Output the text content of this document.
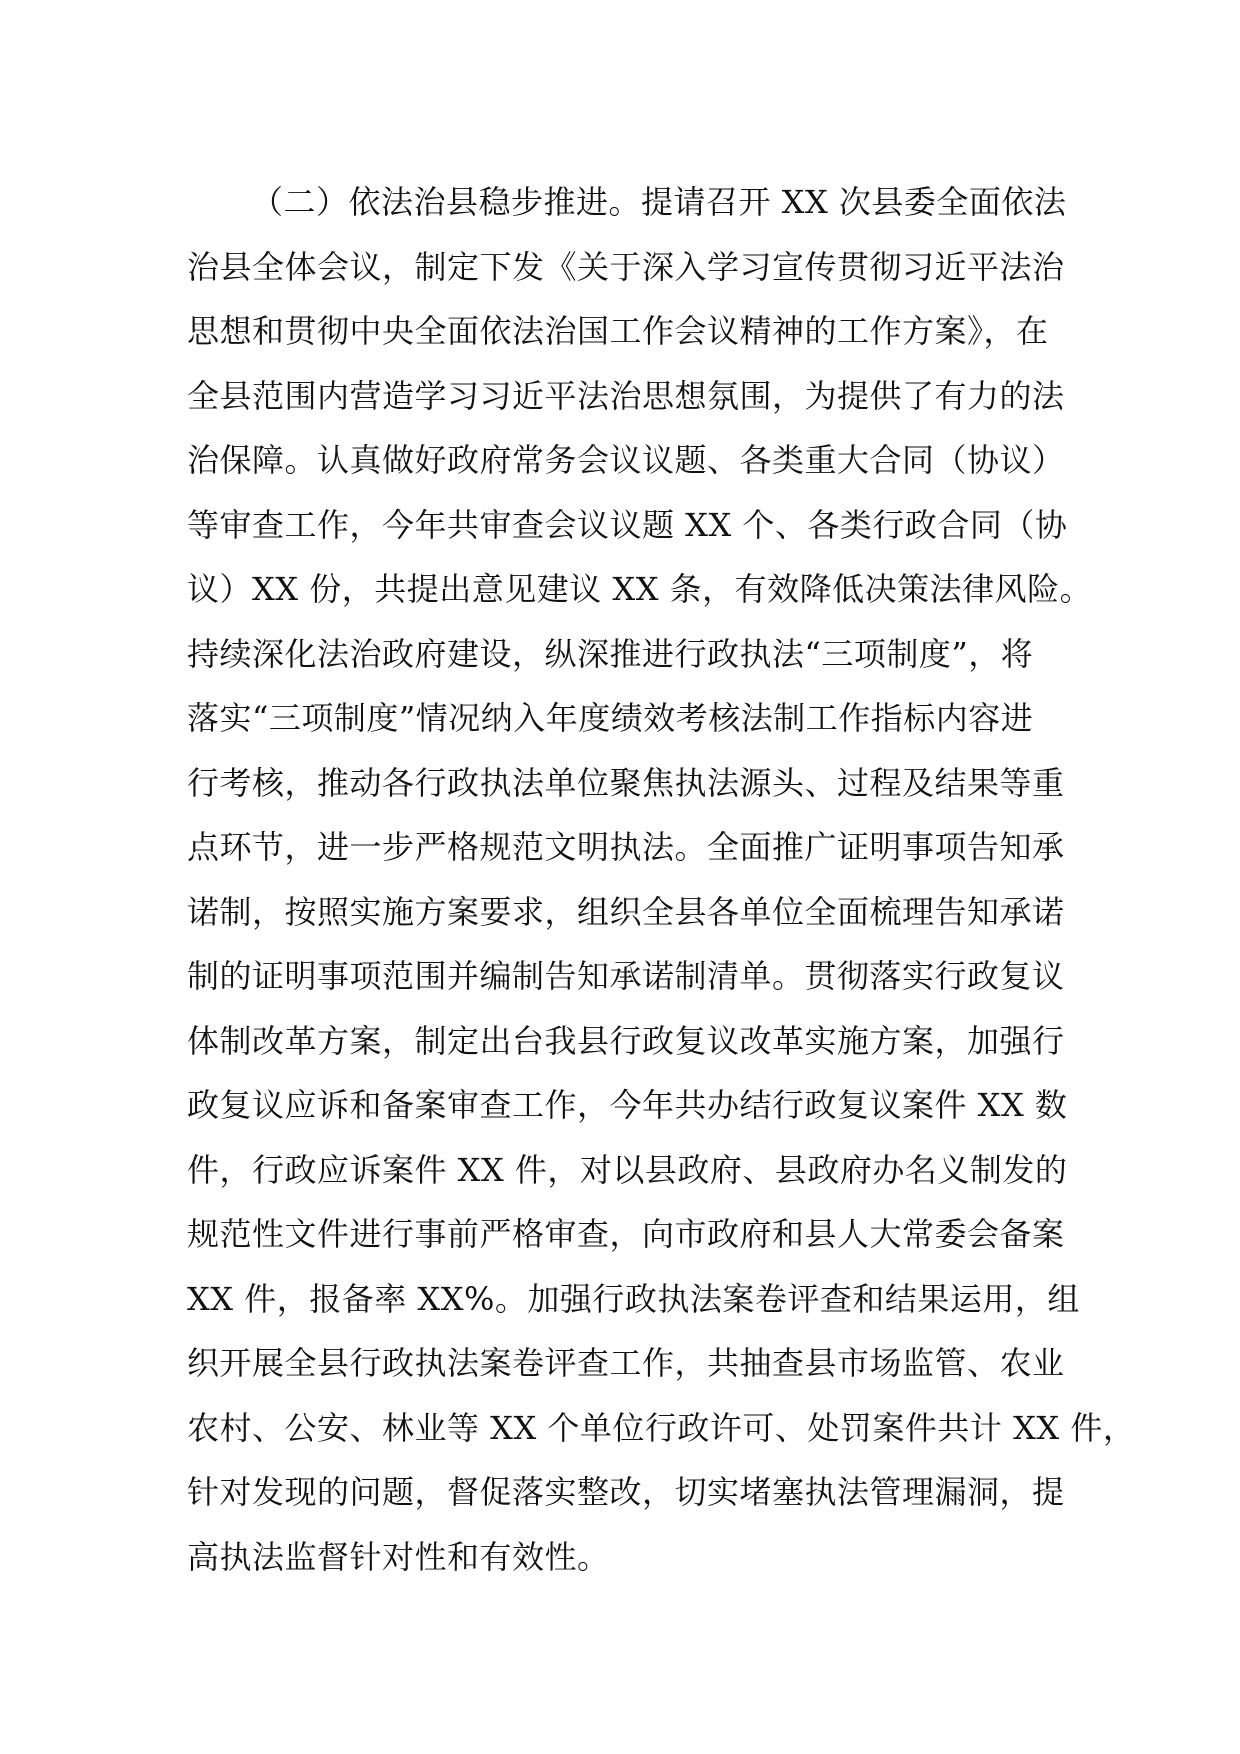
（二）依法治县稳步推进。提请召开 XX 次县委全面依法
治县全体会议，制定下发《关于深入学习宣传贯彻习近平法治
思想和贯彻中央全面依法治国工作会议精神的工作方案》，在
全县范围内营造学习习近平法治思想氛围，为提供了有力的法
治保障。认真做好政府常务会议议题、各类重大合同（协议）
等审查工作，今年共审查会议议题 XX 个、各类行政合同（协
议）XX 份，共提出意见建议 XX 条，有效降低决策法律风险。
持续深化法治政府建设，纵深推进行政执法“三项制度”，将
落实“三项制度”情况纳入年度绩效考核法制工作指标内容进
行考核，推动各行政执法单位聚焦执法源头、过程及结果等重
点环节，进一步严格规范文明执法。全面推广证明事项告知承
诺制，按照实施方案要求，组织全县各单位全面梳理告知承诺
制的证明事项范围并编制告知承诺制清单。贯彻落实行政复议
体制改革方案，制定出台我县行政复议改革实施方案，加强行
政复议应诉和备案审查工作，今年共办结行政复议案件 XX 数
件，行政应诉案件 XX 件，对以县政府、县政府办名义制发的
规范性文件进行事前严格审查，向市政府和县人大常委会备案
XX 件，报备率 XX%。加强行政执法案卷评查和结果运用，组
织开展全县行政执法案卷评查工作，共抽查县市场监管、农业
农村、公安、林业等 XX 个单位行政许可、处罚案件共计 XX 件，
针对发现的问题，督促落实整改，切实堵塞执法管理漏洞，提
高执法监督针对性和有效性。
